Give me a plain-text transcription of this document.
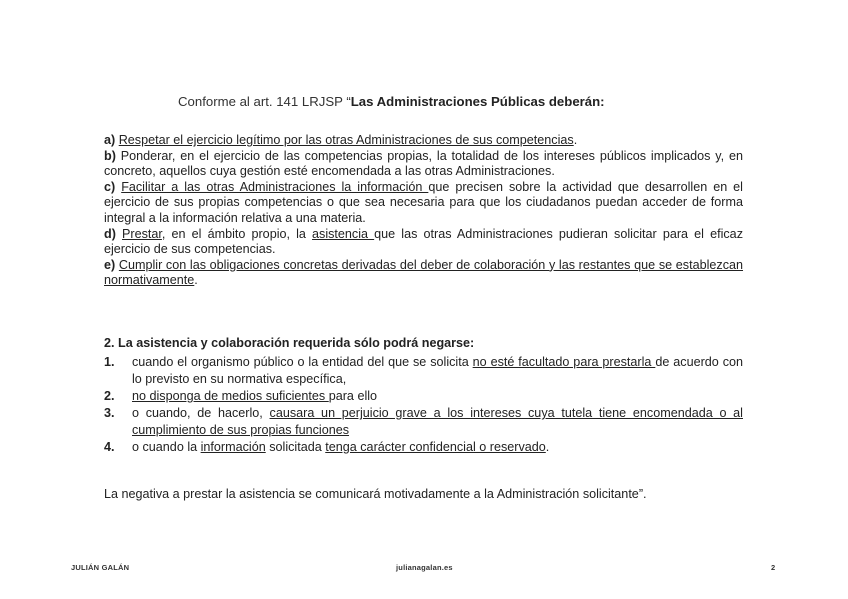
Conforme al art. 141 LRJSP “Las Administraciones Públicas deberán:

a) Respetar el ejercicio legítimo por las otras Administraciones de sus competencias.

b) Ponderar, en el ejercicio de las competencias propias, la totalidad de los intereses públicos implicados y, en concreto, aquellos cuya gestión esté encomendada a las otras Administraciones.

c) Facilitar a las otras Administraciones la información que precisen sobre la actividad que desarrollen en el ejercicio de sus propias competencias o que sea necesaria para que los ciudadanos puedan acceder de forma integral a la información relativa a una materia.

d) Prestar, en el ámbito propio, la asistencia que las otras Administraciones pudieran solicitar para el eficaz ejercicio de sus competencias.

e) Cumplir con las obligaciones concretas derivadas del deber de colaboración y las restantes que se establezcan normativamente.

2. La asistencia y colaboración requerida sólo podrá negarse:
1. cuando el organismo público o la entidad del que se solicita no esté facultado para prestarla de acuerdo con lo previsto en su normativa específica,
2. no disponga de medios suficientes para ello
3. o cuando, de hacerlo, causara un perjuicio grave a los intereses cuya tutela tiene encomendada o al cumplimiento de sus propias funciones
4. o cuando la información solicitada tenga carácter confidencial o reservado.
La negativa a prestar la asistencia se comunicará motivadamente a la Administración solicitante”.
JULIÁN GALÁN	julianagalan.es	2
